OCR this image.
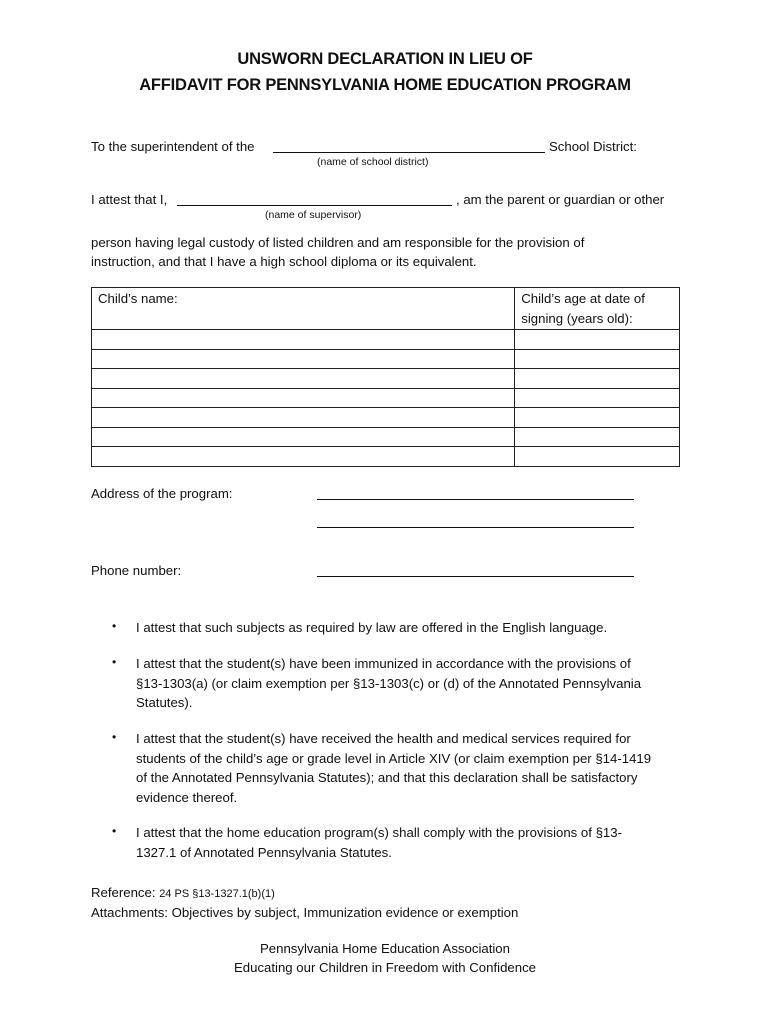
UNSWORN DECLARATION IN LIEU OF
AFFIDAVIT FOR PENNSYLVANIA HOME EDUCATION PROGRAM
To the superintendent of the	School District:
(name of school district)
I attest that I,	, am the parent or guardian or other
(name of supervisor)
person having legal custody of listed children and am responsible for the provision of
instruction, and that I have a high school diploma or its equivalent.
Child’s name:	Child’s age at date of
signing (years old):

Address of the program:
Phone number:
• I attest that such subjects as required by law are offered in the English language.
• I attest that the student(s) have been immunized in accordance with the provisions of
§13-1303(a) (or claim exemption per §13-1303(c) or (d) of the Annotated Pennsylvania
Statutes).
• I attest that the student(s) have received the health and medical services required for
students of the child’s age or grade level in Article XIV (or claim exemption per §14-1419
of the Annotated Pennsylvania Statutes); and that this declaration shall be satisfactory
evidence thereof.
• I attest that the home education program(s) shall comply with the provisions of §13-
1327.1 of Annotated Pennsylvania Statutes.
Reference: 24 PS §13-1327.1(b)(1)
Attachments: Objectives by subject, Immunization evidence or exemption
Pennsylvania Home Education Association
Educating our Children in Freedom with Confidence
